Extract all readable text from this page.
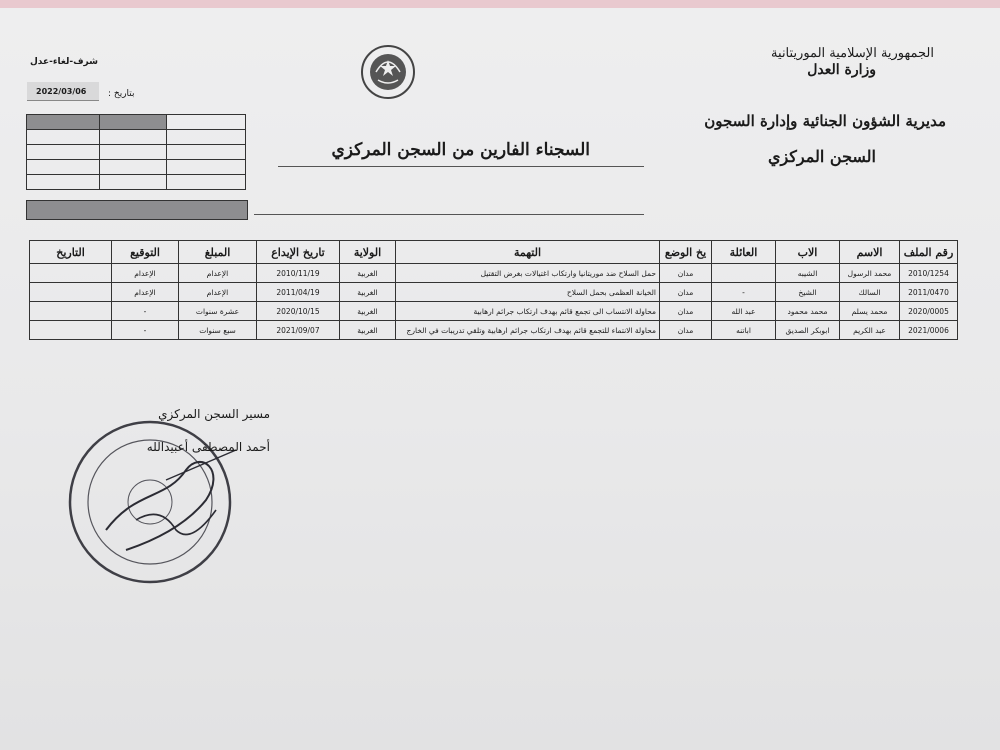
الجمهورية الإسلامية الموريتانية
وزارة العدل
مديرية الشؤون الجنائية وإدارة السجون
السجن المركزي
شرف-لغاء-عدل
2022/03/06 بتاريخ :

السجناء الفارين من السجن المركزي
رقم الملف	الاسم	الاب	العائلة	يخ الوضع	التهمة	الولاية	تاريخ الإيداع	المبلغ	التوقيع	التاريخ
2010/1254	محمد الرسول	الشيبه		مدان	حمل السلاح ضد موريتانيا وارتكاب اغتيالات بغرض التقتيل	الغربية	2010/11/19	الإعدام	الإعدام	
2011/0470	السالك	الشيخ	-	مدان	الخيانة العظمى بحمل السلاح	الغربية	2011/04/19	الإعدام	الإعدام	
2020/0005	محمد يسلم	محمد محمود	عبد الله	مدان	محاولة الانتساب الى تجمع قائم بهدف ارتكاب جرائم ارهابية	الغربية	2020/10/15	عشرة سنوات	-	
2021/0006	عبد الكريم	ابوبكر الصديق	اباتنه	مدان	محاولة الانتماء للتجمع قائم بهدف ارتكاب جرائم ارهابية وتلقي تدريبات في الخارج	الغربية	2021/09/07	سبع سنوات	-	
مسير السجن المركزي
أحمد المصطفى أعبيدالله
